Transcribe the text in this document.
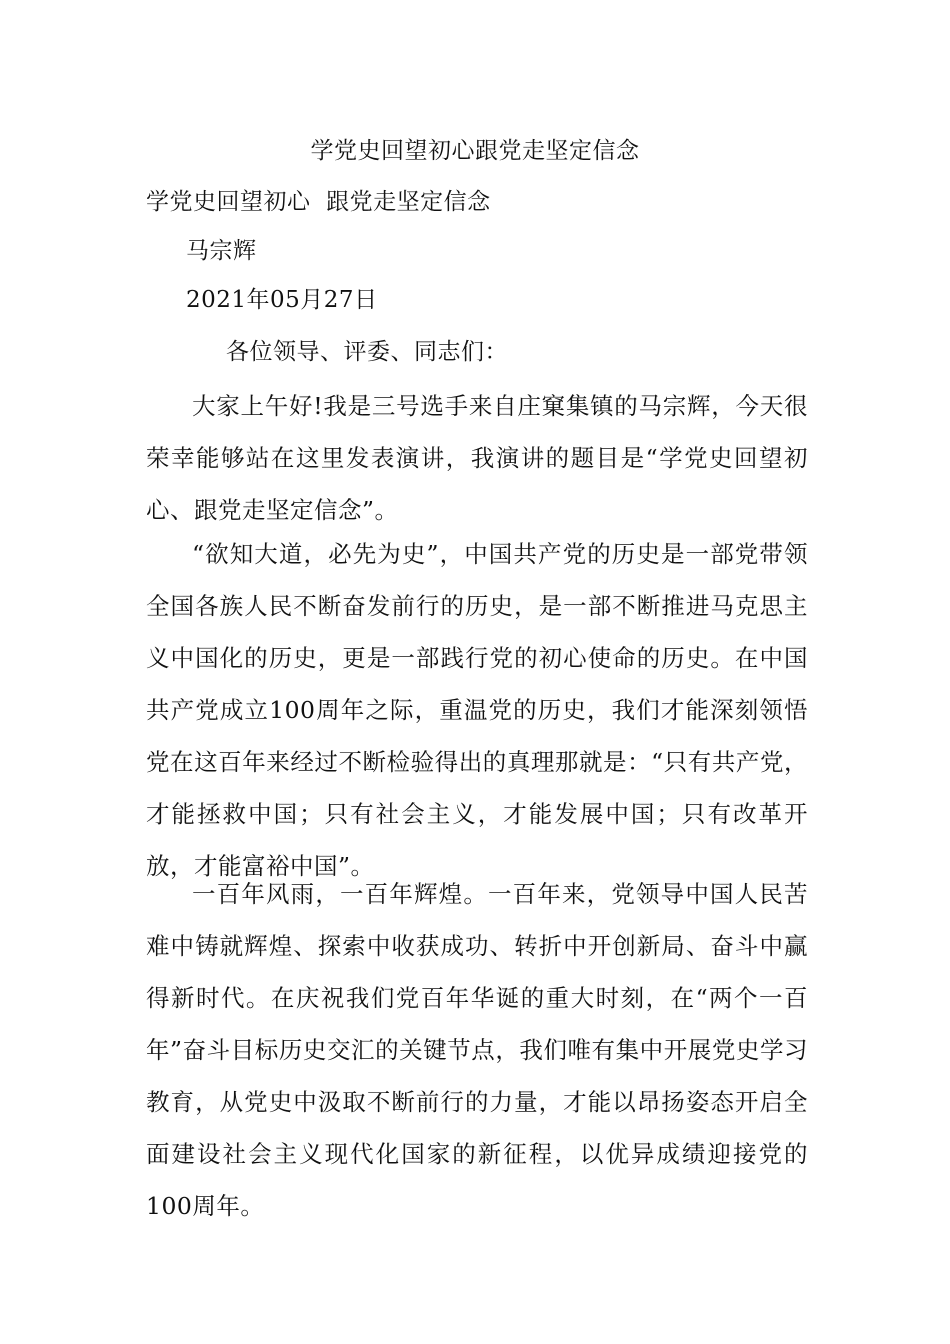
学党史回望初心跟党走坚定信念
学党史回望初心  跟党走坚定信念
马宗辉
2021年05月27日
各位领导、评委、同志们：

大家上午好!我是三号选手来自庄窠集镇的马宗辉，今天很荣幸能够站在这里发表演讲，我演讲的题目是“学党史回望初心、跟党走坚定信念”。

“欲知大道，必先为史”，中国共产党的历史是一部党带领全国各族人民不断奋发前行的历史，是一部不断推进马克思主义中国化的历史，更是一部践行党的初心使命的历史。在中国共产党成立100周年之际，重温党的历史，我们才能深刻领悟党在这百年来经过不断检验得出的真理那就是：“只有共产党，才能拯救中国；只有社会主义，才能发展中国；只有改革开放，才能富裕中国”。

一百年风雨，一百年辉煌。一百年来，党领导中国人民苦难中铸就辉煌、探索中收获成功、转折中开创新局、奋斗中赢得新时代。在庆祝我们党百年华诞的重大时刻，在“两个一百年”奋斗目标历史交汇的关键节点，我们唯有集中开展党史学习教育，从党史中汲取不断前行的力量，才能以昂扬姿态开启全面建设社会主义现代化国家的新征程，以优异成绩迎接党的100周年。
